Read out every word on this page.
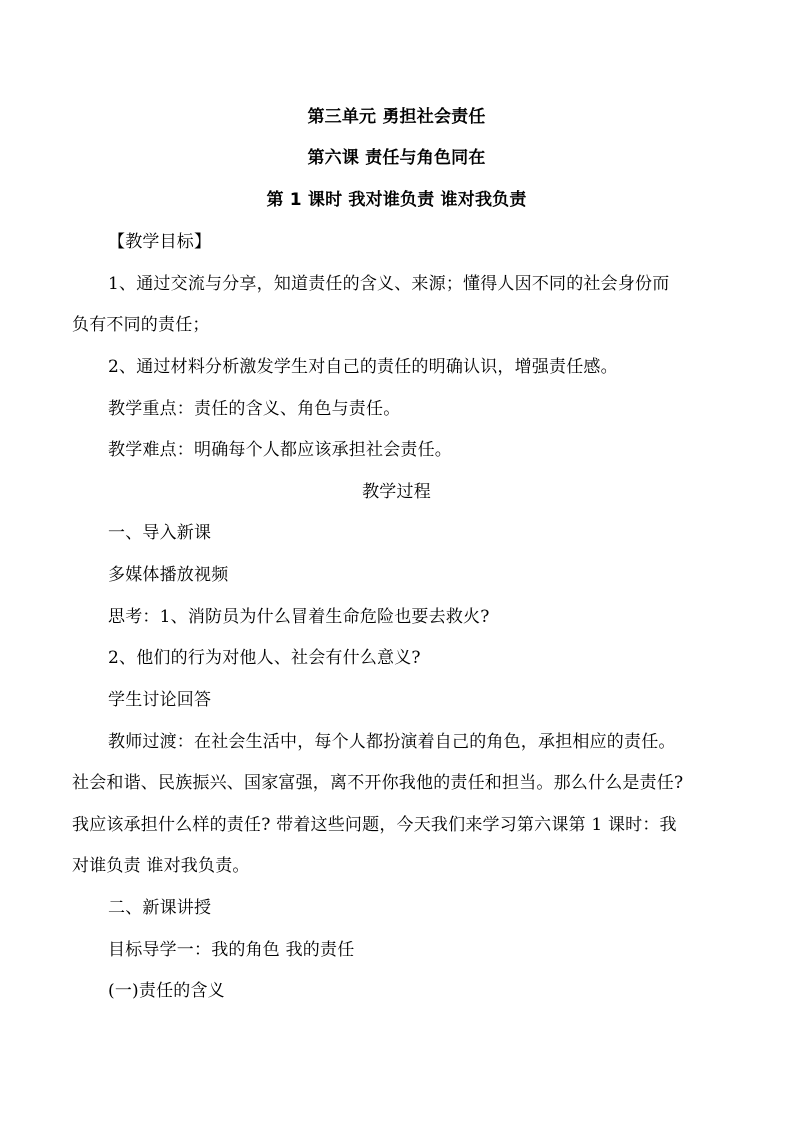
第三单元 勇担社会责任
第六课 责任与角色同在
第 1 课时 我对谁负责 谁对我负责
【教学目标】
1、通过交流与分享，知道责任的含义、来源；懂得人因不同的社会身份而
负有不同的责任；
2、通过材料分析激发学生对自己的责任的明确认识，增强责任感。
教学重点：责任的含义、角色与责任。
教学难点：明确每个人都应该承担社会责任。
教学过程
一、导入新课
多媒体播放视频
思考：1、消防员为什么冒着生命危险也要去救火?
2、他们的行为对他人、社会有什么意义?
学生讨论回答
教师过渡：在社会生活中，每个人都扮演着自己的角色，承担相应的责任。
社会和谐、民族振兴、国家富强，离不开你我他的责任和担当。那么什么是责任?
我应该承担什么样的责任? 带着这些问题，今天我们来学习第六课第 1 课时：我
对谁负责 谁对我负责。
二、新课讲授
目标导学一：我的角色 我的责任
(一)责任的含义
